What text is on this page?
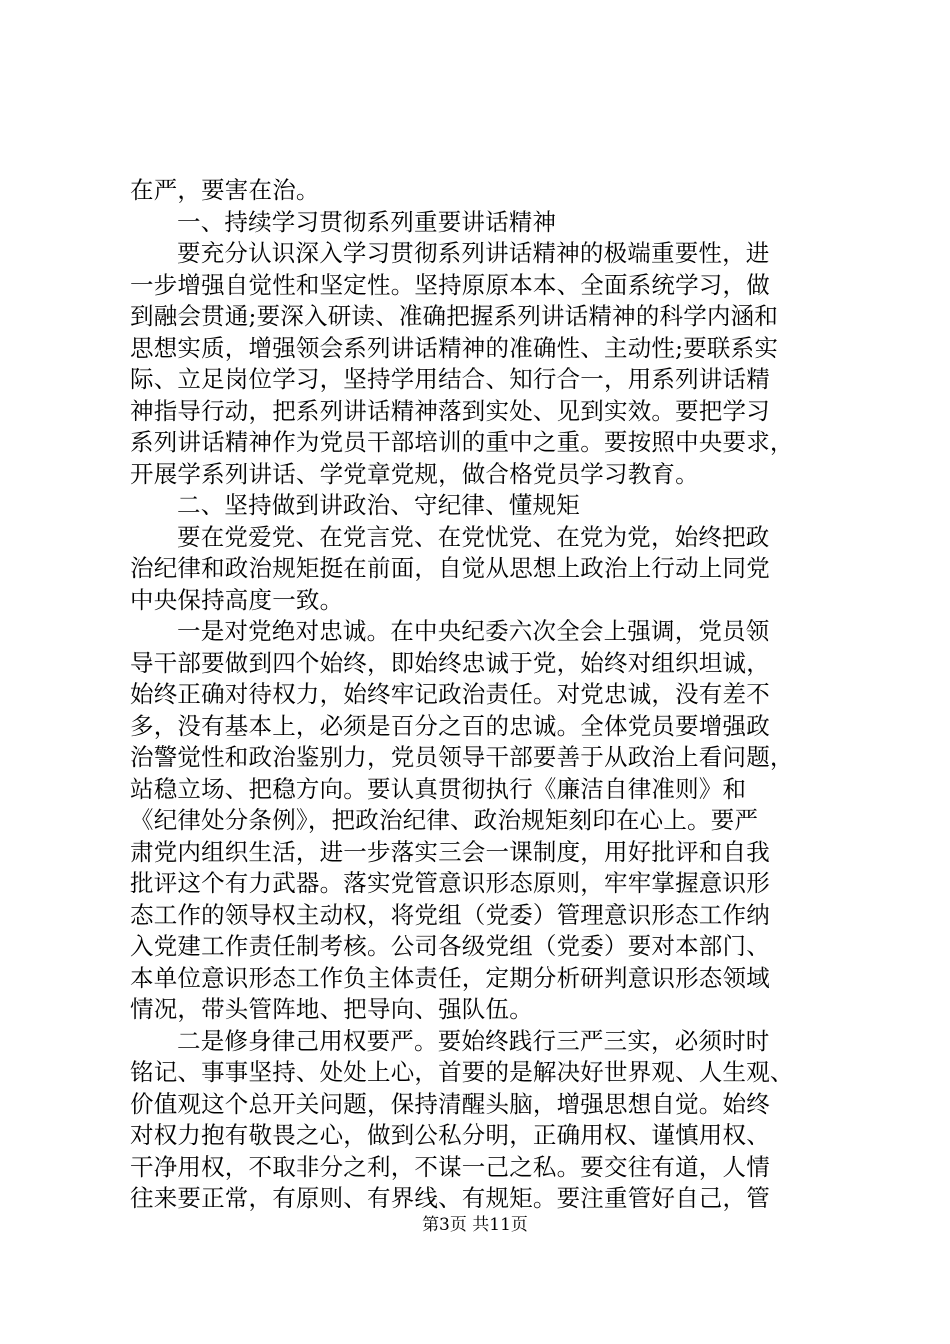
在严，要害在治。
一、持续学习贯彻系列重要讲话精神
要充分认识深入学习贯彻系列讲话精神的极端重要性，进
一步增强自觉性和坚定性。坚持原原本本、全面系统学习，做
到融会贯通;要深入研读、准确把握系列讲话精神的科学内涵和
思想实质，增强领会系列讲话精神的准确性、主动性;要联系实
际、立足岗位学习，坚持学用结合、知行合一，用系列讲话精
神指导行动，把系列讲话精神落到实处、见到实效。要把学习
系列讲话精神作为党员干部培训的重中之重。要按照中央要求，
开展学系列讲话、学党章党规，做合格党员学习教育。
二、坚持做到讲政治、守纪律、懂规矩
要在党爱党、在党言党、在党忧党、在党为党，始终把政
治纪律和政治规矩挺在前面，自觉从思想上政治上行动上同党
中央保持高度一致。
一是对党绝对忠诚。在中央纪委六次全会上强调，党员领
导干部要做到四个始终，即始终忠诚于党，始终对组织坦诚，
始终正确对待权力，始终牢记政治责任。对党忠诚，没有差不
多，没有基本上，必须是百分之百的忠诚。全体党员要增强政
治警觉性和政治鉴别力，党员领导干部要善于从政治上看问题，
站稳立场、把稳方向。要认真贯彻执行《廉洁自律准则》和
《纪律处分条例》，把政治纪律、政治规矩刻印在心上。要严
肃党内组织生活，进一步落实三会一课制度，用好批评和自我
批评这个有力武器。落实党管意识形态原则，牢牢掌握意识形
态工作的领导权主动权，将党组（党委）管理意识形态工作纳
入党建工作责任制考核。公司各级党组（党委）要对本部门、
本单位意识形态工作负主体责任，定期分析研判意识形态领域
情况，带头管阵地、把导向、强队伍。
二是修身律己用权要严。要始终践行三严三实，必须时时
铭记、事事坚持、处处上心，首要的是解决好世界观、人生观、
价值观这个总开关问题，保持清醒头脑，增强思想自觉。始终
对权力抱有敬畏之心，做到公私分明，正确用权、谨慎用权、
干净用权，不取非分之利，不谋一己之私。要交往有道，人情
往来要正常，有原则、有界线、有规矩。要注重管好自己，管
第3页 共11页
